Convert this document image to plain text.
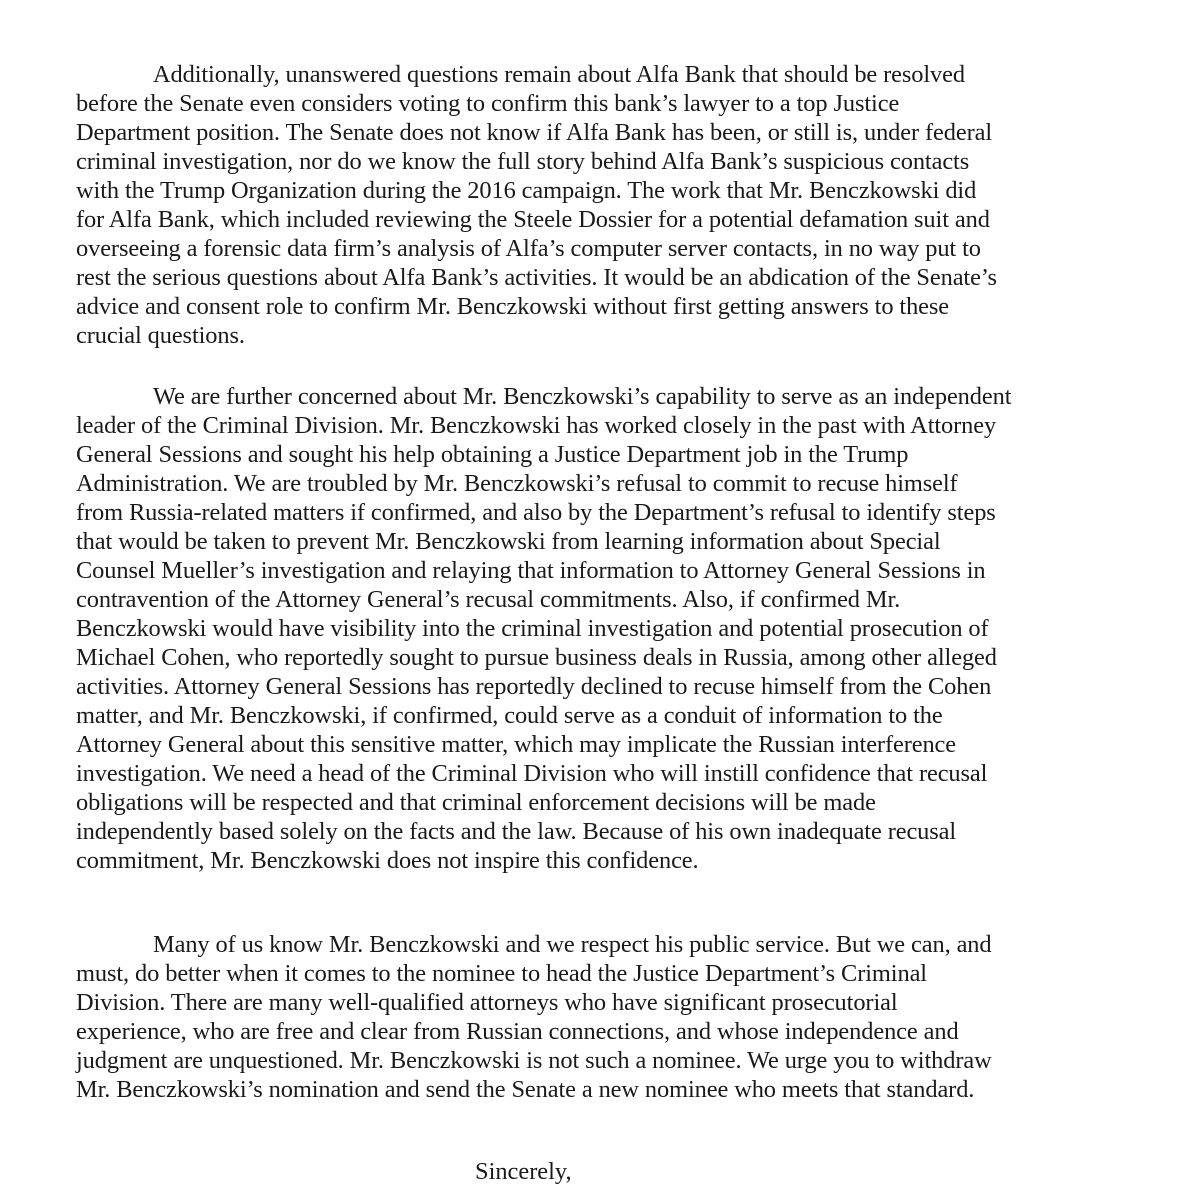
Additionally, unanswered questions remain about Alfa Bank that should be resolved
before the Senate even considers voting to confirm this bank’s lawyer to a top Justice
Department position. The Senate does not know if Alfa Bank has been, or still is, under federal
criminal investigation, nor do we know the full story behind Alfa Bank’s suspicious contacts
with the Trump Organization during the 2016 campaign. The work that Mr. Benczkowski did
for Alfa Bank, which included reviewing the Steele Dossier for a potential defamation suit and
overseeing a forensic data firm’s analysis of Alfa’s computer server contacts, in no way put to
rest the serious questions about Alfa Bank’s activities. It would be an abdication of the Senate’s
advice and consent role to confirm Mr. Benczkowski without first getting answers to these
crucial questions.
We are further concerned about Mr. Benczkowski’s capability to serve as an independent
leader of the Criminal Division. Mr. Benczkowski has worked closely in the past with Attorney
General Sessions and sought his help obtaining a Justice Department job in the Trump
Administration. We are troubled by Mr. Benczkowski’s refusal to commit to recuse himself
from Russia-related matters if confirmed, and also by the Department’s refusal to identify steps
that would be taken to prevent Mr. Benczkowski from learning information about Special
Counsel Mueller’s investigation and relaying that information to Attorney General Sessions in
contravention of the Attorney General’s recusal commitments. Also, if confirmed Mr.
Benczkowski would have visibility into the criminal investigation and potential prosecution of
Michael Cohen, who reportedly sought to pursue business deals in Russia, among other alleged
activities. Attorney General Sessions has reportedly declined to recuse himself from the Cohen
matter, and Mr. Benczkowski, if confirmed, could serve as a conduit of information to the
Attorney General about this sensitive matter, which may implicate the Russian interference
investigation. We need a head of the Criminal Division who will instill confidence that recusal
obligations will be respected and that criminal enforcement decisions will be made
independently based solely on the facts and the law. Because of his own inadequate recusal
commitment, Mr. Benczkowski does not inspire this confidence.
Many of us know Mr. Benczkowski and we respect his public service. But we can, and
must, do better when it comes to the nominee to head the Justice Department’s Criminal
Division. There are many well-qualified attorneys who have significant prosecutorial
experience, who are free and clear from Russian connections, and whose independence and
judgment are unquestioned. Mr. Benczkowski is not such a nominee. We urge you to withdraw
Mr. Benczkowski’s nomination and send the Senate a new nominee who meets that standard.
Sincerely,
